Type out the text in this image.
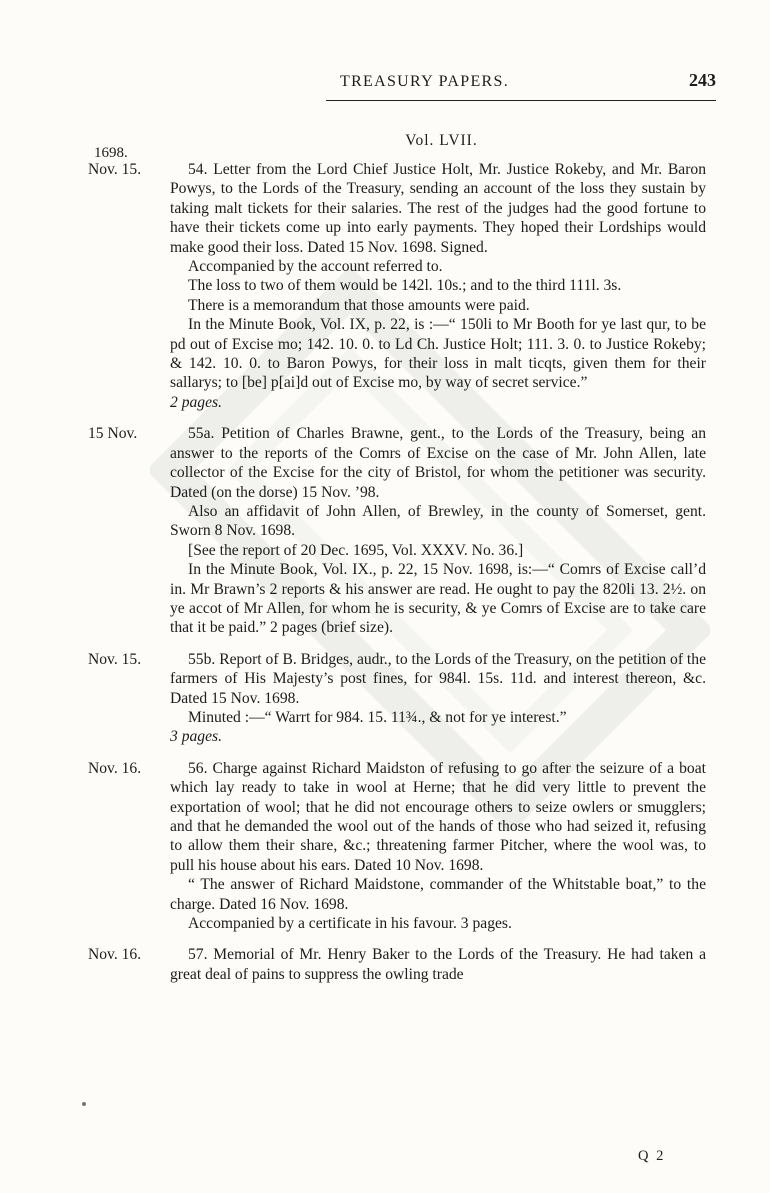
TREASURY PAPERS.	243
Vol. LVII.
1698.
Nov. 15.	54. Letter from the Lord Chief Justice Holt, Mr. Justice Rokeby, and Mr. Baron Powys, to the Lords of the Treasury, sending an account of the loss they sustain by taking malt tickets for their salaries. The rest of the judges had the good fortune to have their tickets come up into early payments. They hoped their Lordships would make good their loss. Dated 15 Nov. 1698. Signed.

Accompanied by the account referred to.

The loss to two of them would be 142l. 10s.; and to the third 111l. 3s.

There is a memorandum that those amounts were paid.

In the Minute Book, Vol. IX, p. 22, is :—“ 150li to Mr Booth for ye last qur, to be pd out of Excise mo; 142. 10. 0. to Ld Ch. Justice Holt; 111. 3. 0. to Justice Rokeby; & 142. 10. 0. to Baron Powys, for their loss in malt ticqts, given them for their sallarys; to [be] p[ai]d out of Excise mo, by way of secret service.”

2 pages.

15 Nov.	55a. Petition of Charles Brawne, gent., to the Lords of the Treasury, being an answer to the reports of the Comrs of Excise on the case of Mr. John Allen, late collector of the Excise for the city of Bristol, for whom the petitioner was security. Dated (on the dorse) 15 Nov. ’98.

Also an affidavit of John Allen, of Brewley, in the county of Somerset, gent. Sworn 8 Nov. 1698.

[See the report of 20 Dec. 1695, Vol. XXXV. No. 36.]

In the Minute Book, Vol. IX., p. 22, 15 Nov. 1698, is:—“ Comrs of Excise call’d in. Mr Brawn’s 2 reports & his answer are read. He ought to pay the 820li 13. 2½. on ye accot of Mr Allen, for whom he is security, & ye Comrs of Excise are to take care that it be paid.” 2 pages (brief size).

Nov. 15.	55b. Report of B. Bridges, audr., to the Lords of the Treasury, on the petition of the farmers of His Majesty’s post fines, for 984l. 15s. 11d. and interest thereon, &c. Dated 15 Nov. 1698.

Minuted :—“ Warrt for 984. 15. 11¾., & not for ye interest.”

3 pages.

Nov. 16.	56. Charge against Richard Maidston of refusing to go after the seizure of a boat which lay ready to take in wool at Herne; that he did very little to prevent the exportation of wool; that he did not encourage others to seize owlers or smugglers; and that he demanded the wool out of the hands of those who had seized it, refusing to allow them their share, &c.; threatening farmer Pitcher, where the wool was, to pull his house about his ears. Dated 10 Nov. 1698.

“ The answer of Richard Maidstone, commander of the Whitstable boat,” to the charge. Dated 16 Nov. 1698.

Accompanied by a certificate in his favour. 3 pages.

Nov. 16.	57. Memorial of Mr. Henry Baker to the Lords of the Treasury. He had taken a great deal of pains to suppress the owling trade

Q 2
